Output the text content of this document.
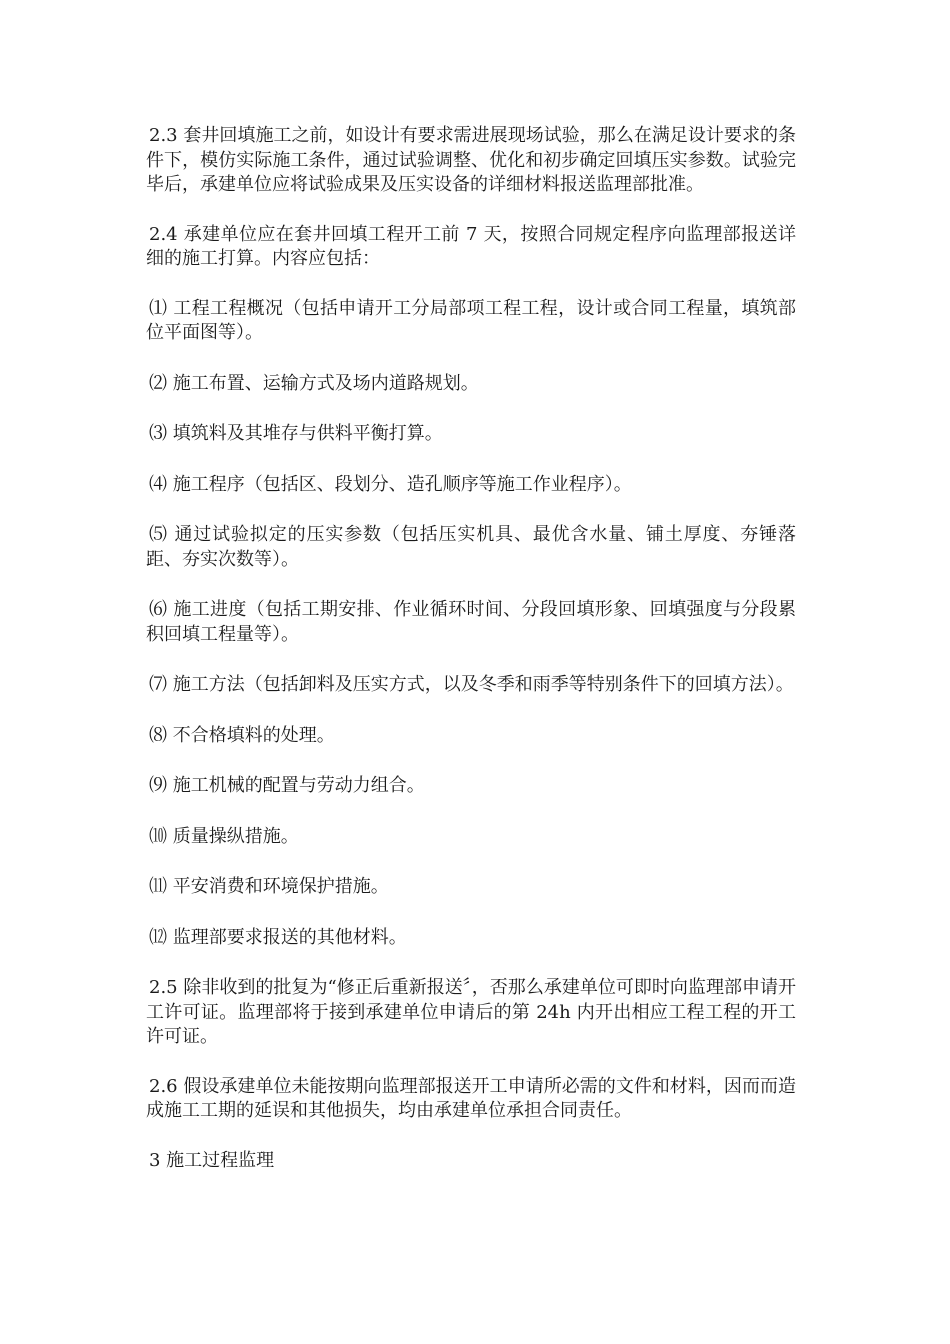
2.3 套井回填施工之前，如设计有要求需进展现场试验，那么在满足设计要求的条件下，模仿实际施工条件，通过试验调整、优化和初步确定回填压实参数。试验完毕后，承建单位应将试验成果及压实设备的详细材料报送监理部批准。

2.4 承建单位应在套井回填工程开工前 7 天，按照合同规定程序向监理部报送详细的施工打算。内容应包括：

⑴ 工程工程概况（包括申请开工分局部项工程工程，设计或合同工程量，填筑部位平面图等）。

⑵ 施工布置、运输方式及场内道路规划。

⑶ 填筑料及其堆存与供料平衡打算。

⑷ 施工程序（包括区、段划分、造孔顺序等施工作业程序）。

⑸ 通过试验拟定的压实参数（包括压实机具、最优含水量、铺土厚度、夯锤落距、夯实次数等）。

⑹ 施工进度（包括工期安排、作业循环时间、分段回填形象、回填强度与分段累积回填工程量等）。

⑺ 施工方法（包括卸料及压实方式，以及冬季和雨季等特别条件下的回填方法）。

⑻ 不合格填料的处理。

⑼ 施工机械的配置与劳动力组合。

⑽ 质量操纵措施。

⑾ 平安消费和环境保护措施。

⑿ 监理部要求报送的其他材料。

2.5 除非收到的批复为“修正后重新报送〞，否那么承建单位可即时向监理部申请开工许可证。监理部将于接到承建单位申请后的第 24h 内开出相应工程工程的开工许可证。

2.6 假设承建单位未能按期向监理部报送开工申请所必需的文件和材料，因而而造成施工工期的延误和其他损失，均由承建单位承担合同责任。

3 施工过程监理
